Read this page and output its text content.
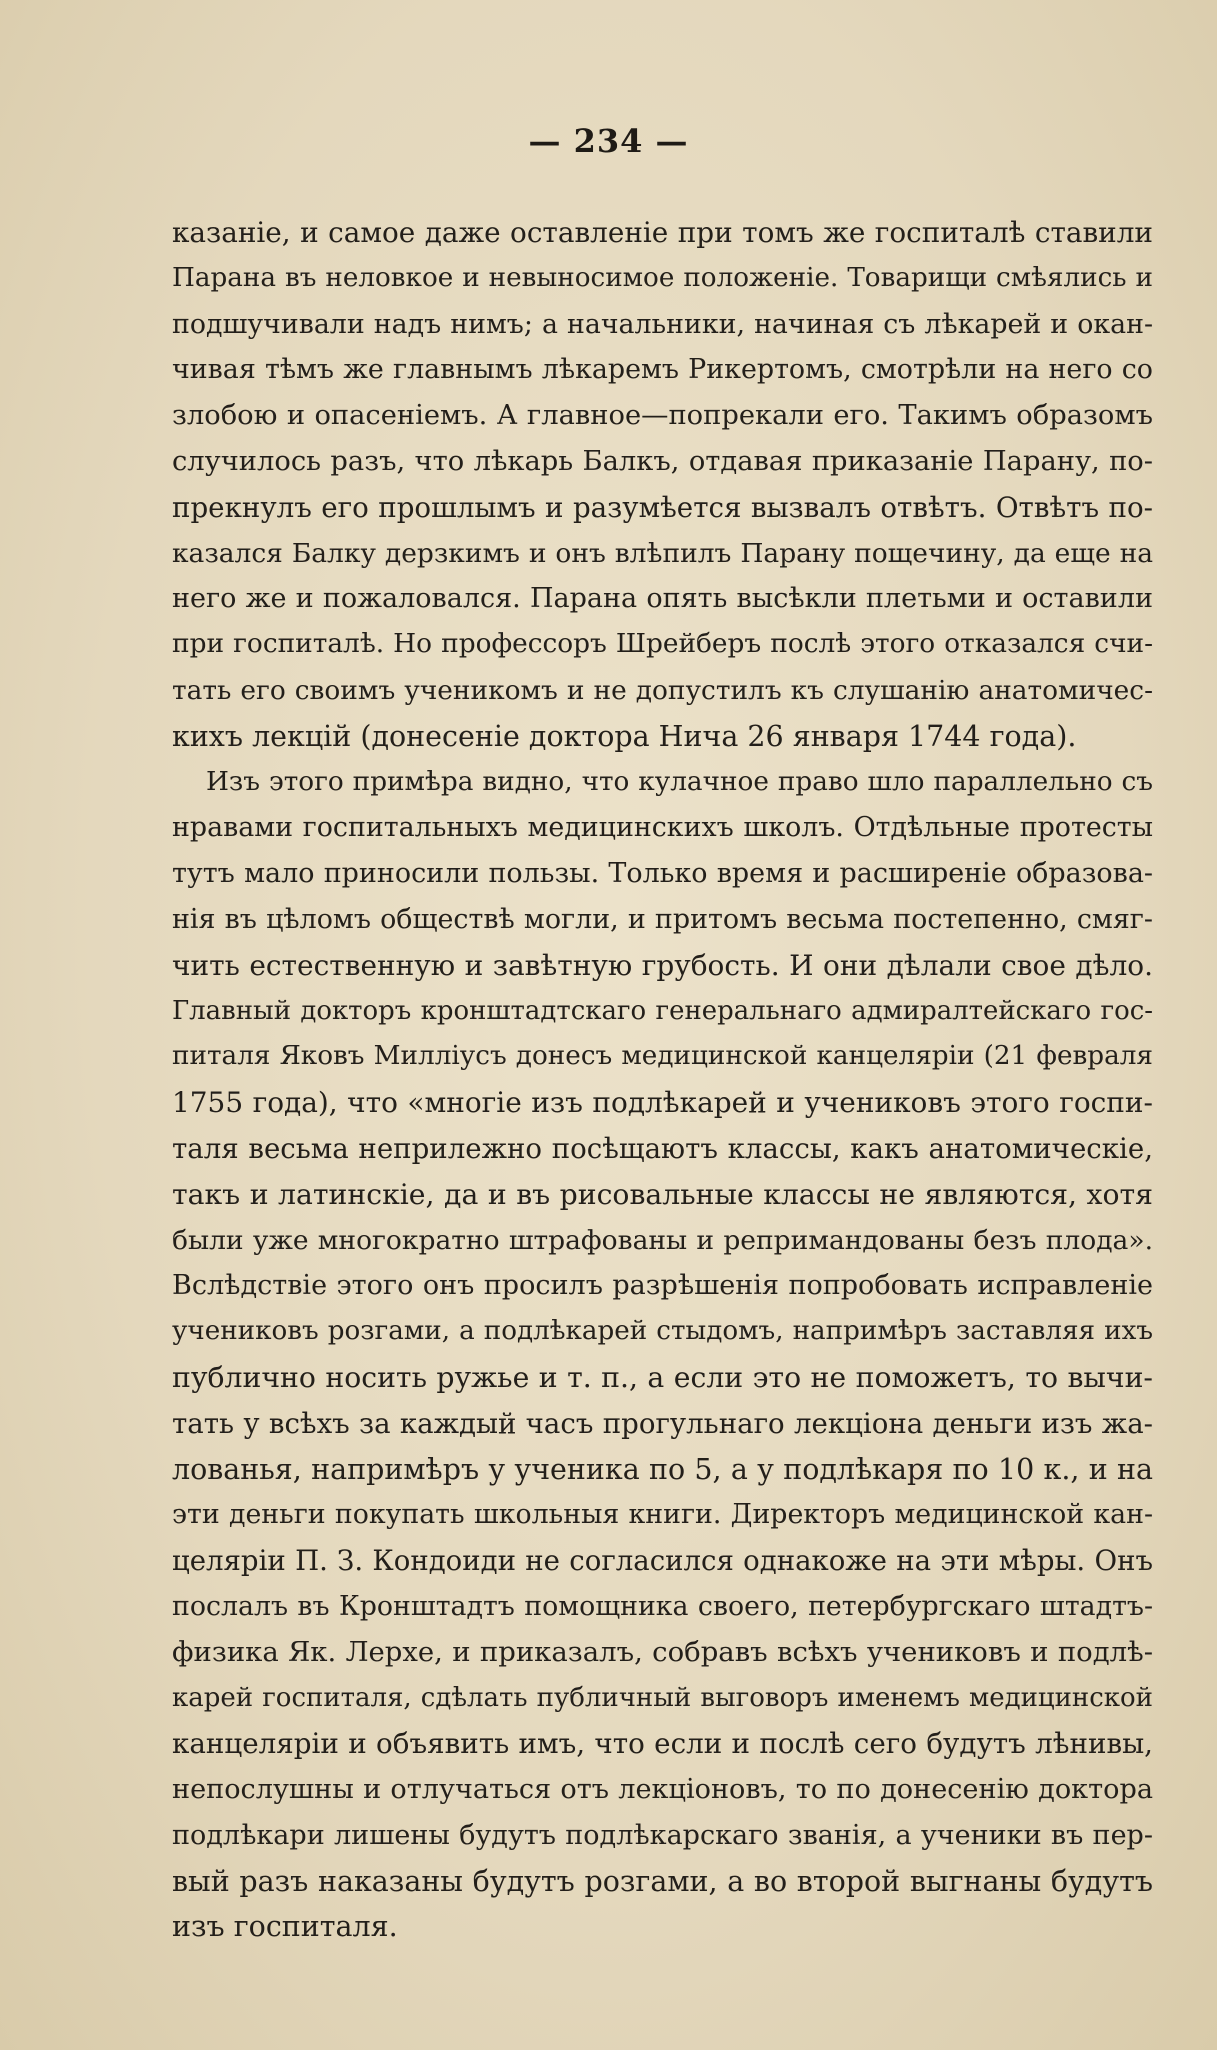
— 234 —
казаніе, и самое даже оставленіе при томъ же госпиталѣ ставили
Парана въ неловкое и невыносимое положеніе. Товарищи смѣялись и
подшучивали надъ нимъ; а начальники, начиная съ лѣкарей и окан-
чивая тѣмъ же главнымъ лѣкаремъ Рикертомъ, смотрѣли на него со
злобою и опасеніемъ. А главное—попрекали его. Такимъ образомъ
случилось разъ, что лѣкарь Балкъ, отдавая приказаніе Парану, по-
прекнулъ его прошлымъ и разумѣется вызвалъ отвѣтъ. Отвѣтъ по-
казался Балку дерзкимъ и онъ влѣпилъ Парану пощечину, да еще на
него же и пожаловался. Парана опять высѣкли плетьми и оставили
при госпиталѣ. Но профессоръ Шрейберъ послѣ этого отказался счи-
тать его своимъ ученикомъ и не допустилъ къ слушанію анатомичес-
кихъ лекцій (донесеніе доктора Нича 26 января 1744 года).
Изъ этого примѣра видно, что кулачное право шло параллельно съ
нравами госпитальныхъ медицинскихъ школъ. Отдѣльные протесты
тутъ мало приносили пользы. Только время и расширеніе образова-
нія въ цѣломъ обществѣ могли, и притомъ весьма постепенно, смяг-
чить естественную и завѣтную грубость. И они дѣлали свое дѣло.
Главный докторъ кронштадтскаго генеральнаго адмиралтейскаго гос-
питаля Яковъ Милліусъ донесъ медицинской канцеляріи (21 февраля
1755 года), что «многіе изъ подлѣкарей и учениковъ этого госпи-
таля весьма неприлежно посѣщаютъ классы, какъ анатомическіе,
такъ и латинскіе, да и въ рисовальные классы не являются, хотя
были уже многократно штрафованы и репримандованы безъ плода».
Вслѣдствіе этого онъ просилъ разрѣшенія попробовать исправленіе
учениковъ розгами, а подлѣкарей стыдомъ, напримѣръ заставляя ихъ
публично носить ружье и т. п., а если это не поможетъ, то вычи-
тать у всѣхъ за каждый часъ прогульнаго лекціона деньги изъ жа-
лованья, напримѣръ у ученика по 5, а у подлѣкаря по 10 к., и на
эти деньги покупать школьныя книги. Директоръ медицинской кан-
целяріи П. З. Кондоиди не согласился однакоже на эти мѣры. Онъ
послалъ въ Кронштадтъ помощника своего, петербургскаго штадтъ-
физика Як. Лерхе, и приказалъ, собравъ всѣхъ учениковъ и подлѣ-
карей госпиталя, сдѣлать публичный выговоръ именемъ медицинской
канцеляріи и объявить имъ, что если и послѣ сего будутъ лѣнивы,
непослушны и отлучаться отъ лекціоновъ, то по донесенію доктора
подлѣкари лишены будутъ подлѣкарскаго званія, а ученики въ пер-
вый разъ наказаны будутъ розгами, а во второй выгнаны будутъ
изъ госпиталя.
